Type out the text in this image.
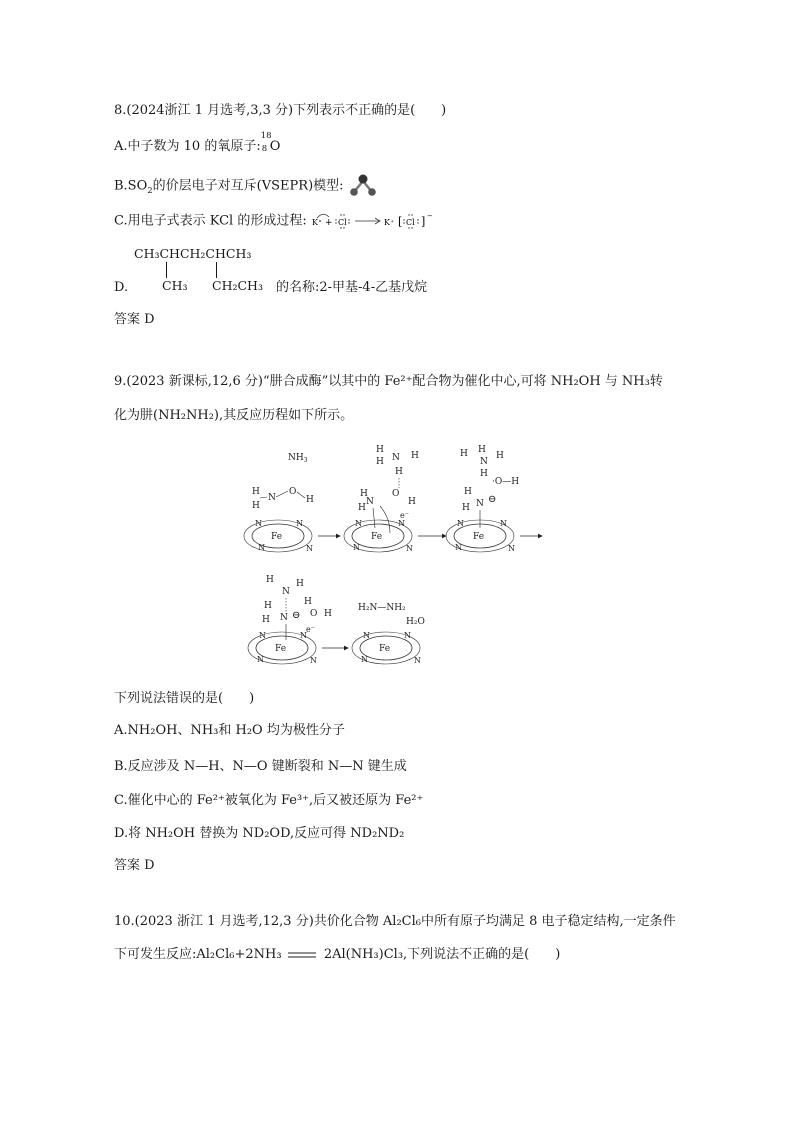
8.(2024浙江 1 月选考,3,3 分)下列表示不正确的是(　　)
A.中子数为 10 的氧原子:
18
8 O
$B.SO_2$的价层电子对互斥(VSEPR)模型:
C.用电子式表示 KCl 的形成过程: K + Cl	K⁺ [ Cl ] −
CH₃CHCH₂CHCH₃
CH₃ CH₂CH₃
D.	的名称:2-甲基-4-乙基戊烷
答案 D
9.(2023 新课标,12,6 分)“肼合成酶”以其中的 Fe²⁺配合物为催化中心,可将 NH₂OH 与 NH₃转
化为肼(NH₂NH₂),其反应历程如下所示。
Fe
N	N
N	N
$NH_3$
H
H
N
O
H
Fe
N	N
N	N
H
N H
H
H
H
N
O
H
H
e⁻
Fe
N	N
N	N
H H
N
H
H
·O—H
H
H N ⊖
Fe
N	N
N	N
H
N
H
H
H N ⊖
H
O H
e⁻
Fe
N	N
N	N
H₂N—NH₂
H₂O
下列说法错误的是(　　)
A.NH₂OH、NH₃和 H₂O 均为极性分子
B.反应涉及 N—H、N—O 键断裂和 N—N 键生成
C.催化中心的 Fe²⁺被氧化为 Fe³⁺,后又被还原为 Fe²⁺
D.将 NH₂OH 替换为 ND₂OD,反应可得 ND₂ND₂
答案 D
10.(2023 浙江 1 月选考,12,3 分)共价化合物 Al₂Cl₆中所有原子均满足 8 电子稳定结构,一定条件
下可发生反应:Al₂Cl₆+2NH₃	2Al(NH₃)Cl₃,下列说法不正确的是(　　)
